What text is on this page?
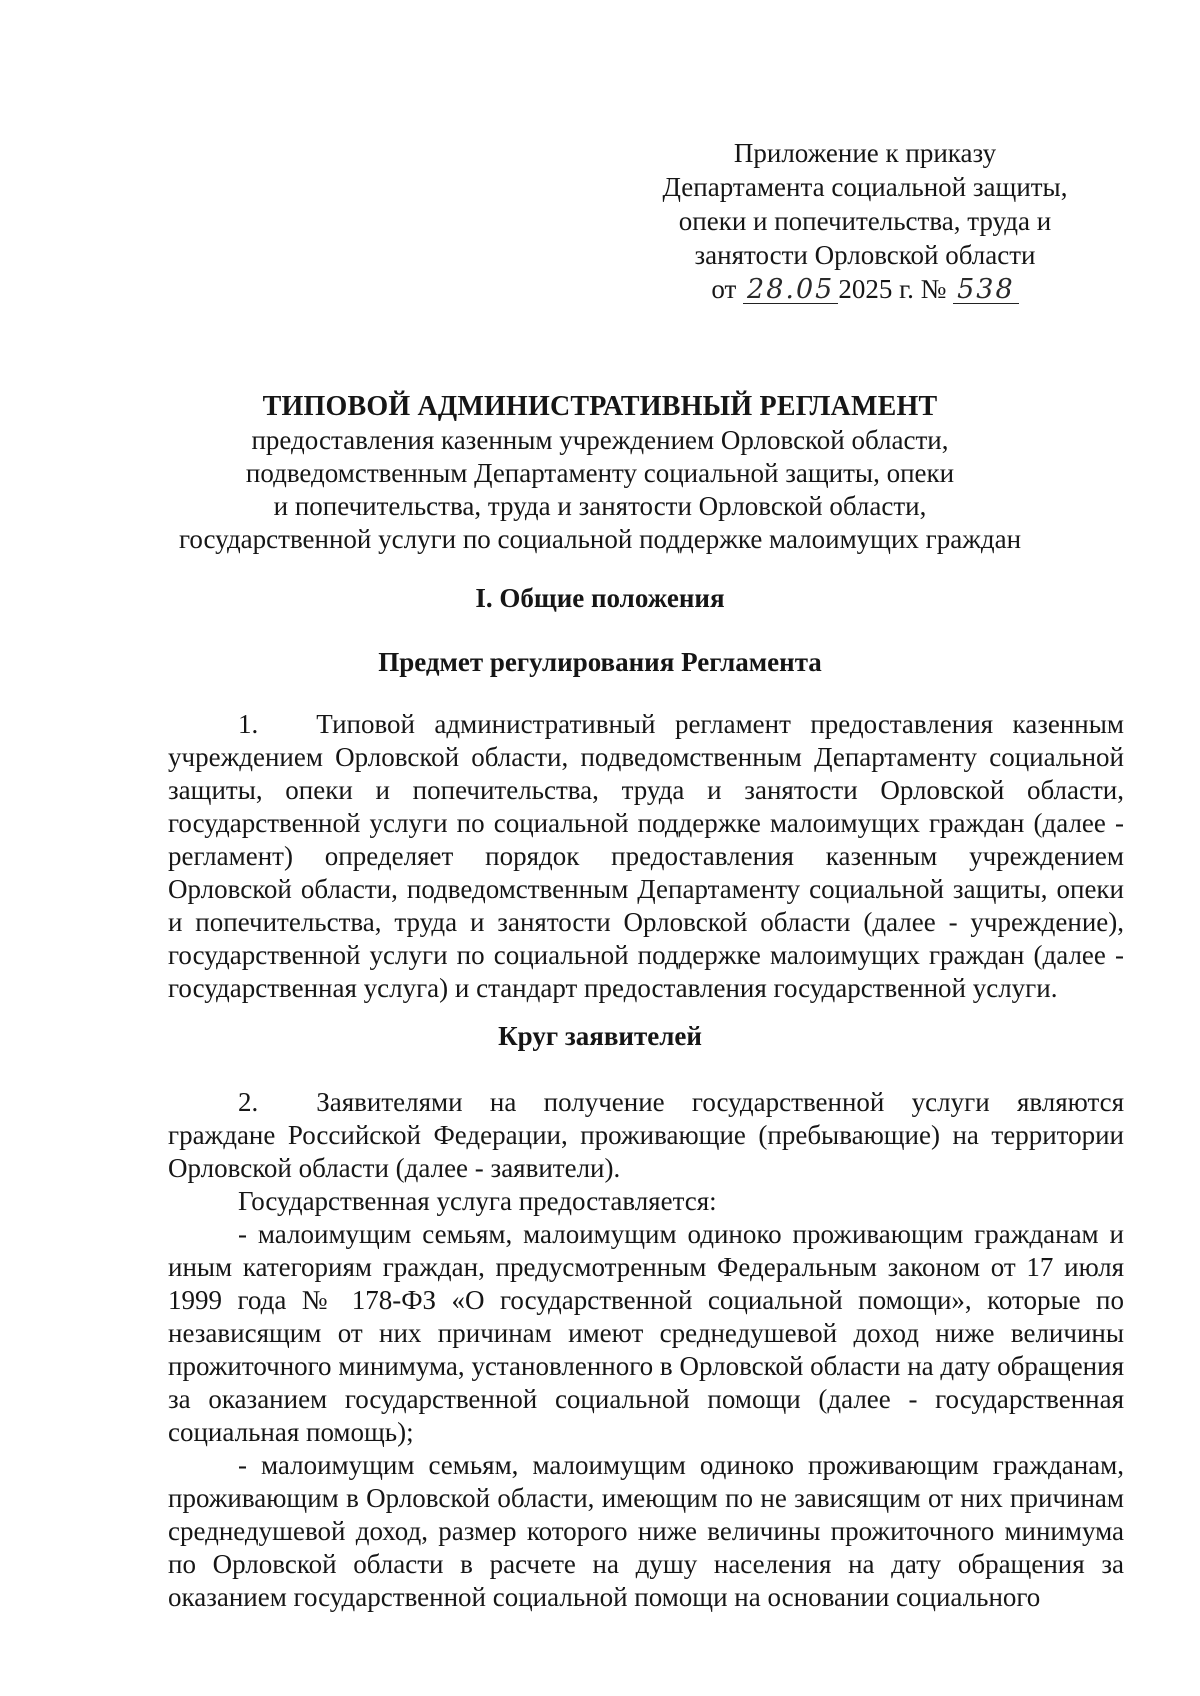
Приложение к приказу
Департамента социальной защиты,
опеки и попечительства, труда и
занятости Орловской области
от 28.05 2025 г. № 538
ТИПОВОЙ АДМИНИСТРАТИВНЫЙ РЕГЛАМЕНТ
предоставления казенным учреждением Орловской области,
подведомственным Департаменту социальной защиты, опеки
и попечительства, труда и занятости Орловской области,
государственной услуги по социальной поддержке малоимущих граждан
I. Общие положения
Предмет регулирования Регламента
1. Типовой административный регламент предоставления казенным учреждением Орловской области, подведомственным Департаменту социальной защиты, опеки и попечительства, труда и занятости Орловской области, государственной услуги по социальной поддержке малоимущих граждан (далее - регламент) определяет порядок предоставления казенным учреждением Орловской области, подведомственным Департаменту социальной защиты, опеки и попечительства, труда и занятости Орловской области (далее - учреждение), государственной услуги по социальной поддержке малоимущих граждан (далее - государственная услуга) и стандарт предоставления государственной услуги.
Круг заявителей
2. Заявителями на получение государственной услуги являются граждане Российской Федерации, проживающие (пребывающие) на территории Орловской области (далее - заявители).
Государственная услуга предоставляется:
- малоимущим семьям, малоимущим одиноко проживающим гражданам и иным категориям граждан, предусмотренным Федеральным законом от 17 июля 1999 года № 178-ФЗ «О государственной социальной помощи», которые по независящим от них причинам имеют среднедушевой доход ниже величины прожиточного минимума, установленного в Орловской области на дату обращения за оказанием государственной социальной помощи (далее - государственная социальная помощь);
- малоимущим семьям, малоимущим одиноко проживающим гражданам, проживающим в Орловской области, имеющим по не зависящим от них причинам среднедушевой доход, размер которого ниже величины прожиточного минимума по Орловской области в расчете на душу населения на дату обращения за оказанием государственной социальной помощи на основании социального
